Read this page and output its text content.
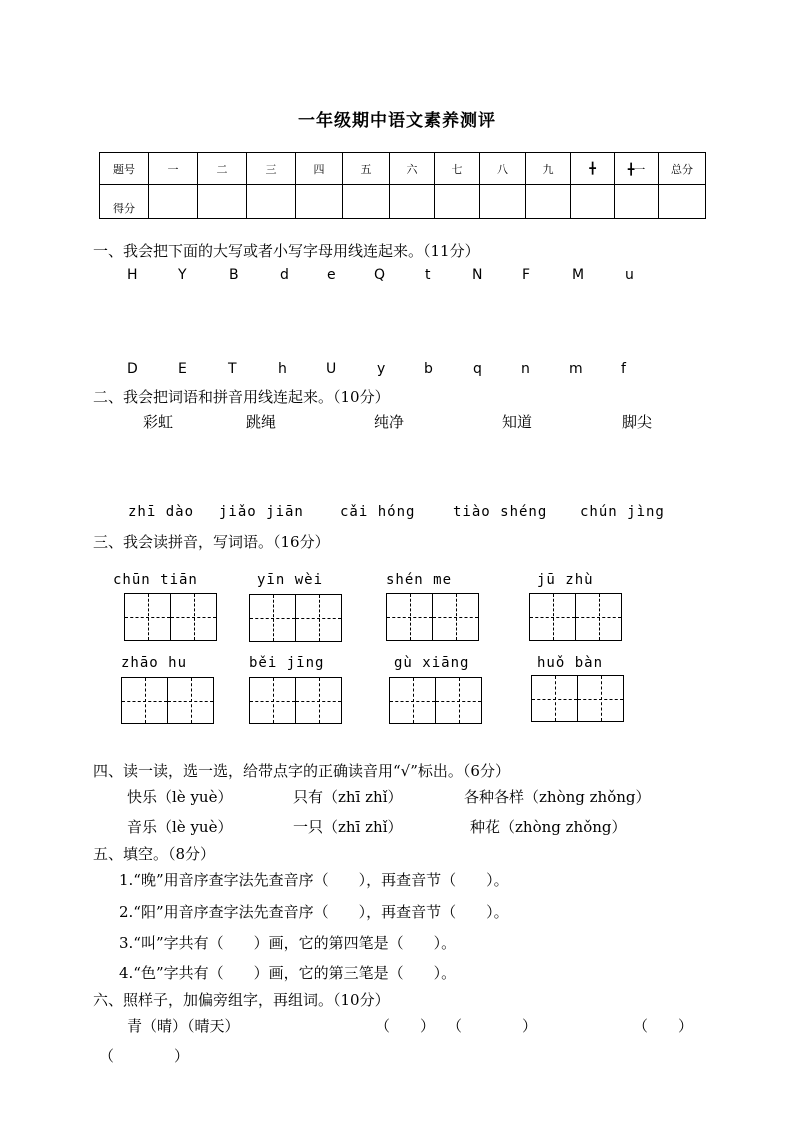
一年级期中语文素养测评
题号	一	二	三	四	五	六	七	八	九	╋	╋一	总分
得分												
一、我会把下面的大写或者小写字母用线连起来。（11分）
H	Y	B	d	e	Q	t	N	F	M	u
D	E	T	h	U	y	b	q	n	m	f
二、我会把词语和拼音用线连起来。（10分）
彩虹	跳绳	纯净	知道	脚尖
zhī dào jiǎo jiān	cǎi hóng	tiào shéng chún jìng
三、我会读拼音，写词语。（16分）
chūn tiān	yīn wèi	shén me	jū zhù
zhāo hu	běi jīng	gù xiāng	huǒ bàn
四、读一读，选一选，给带点字的正确读音用“√”标出。（6分）
快乐（lè yuè）	只有（zhī zhǐ）	各种各样（zhòng zhǒng）
音乐（lè yuè）	一只（zhī zhǐ）	种花（zhòng zhǒng）
五、填空。（8分）
1.“晚”用音序查字法先查音序（　　），再查音节（　　）。
2.“阳”用音序查字法先查音序（　　），再查音节（　　）。
3.“叫”字共有（　　）画，它的第四笔是（　　）。
4.“色”字共有（　　）画，它的第三笔是（　　）。
六、照样子，加偏旁组字，再组词。（10分）
青（晴）（晴天）	（　　） （　　　　）	（　　）
（　　　　）
